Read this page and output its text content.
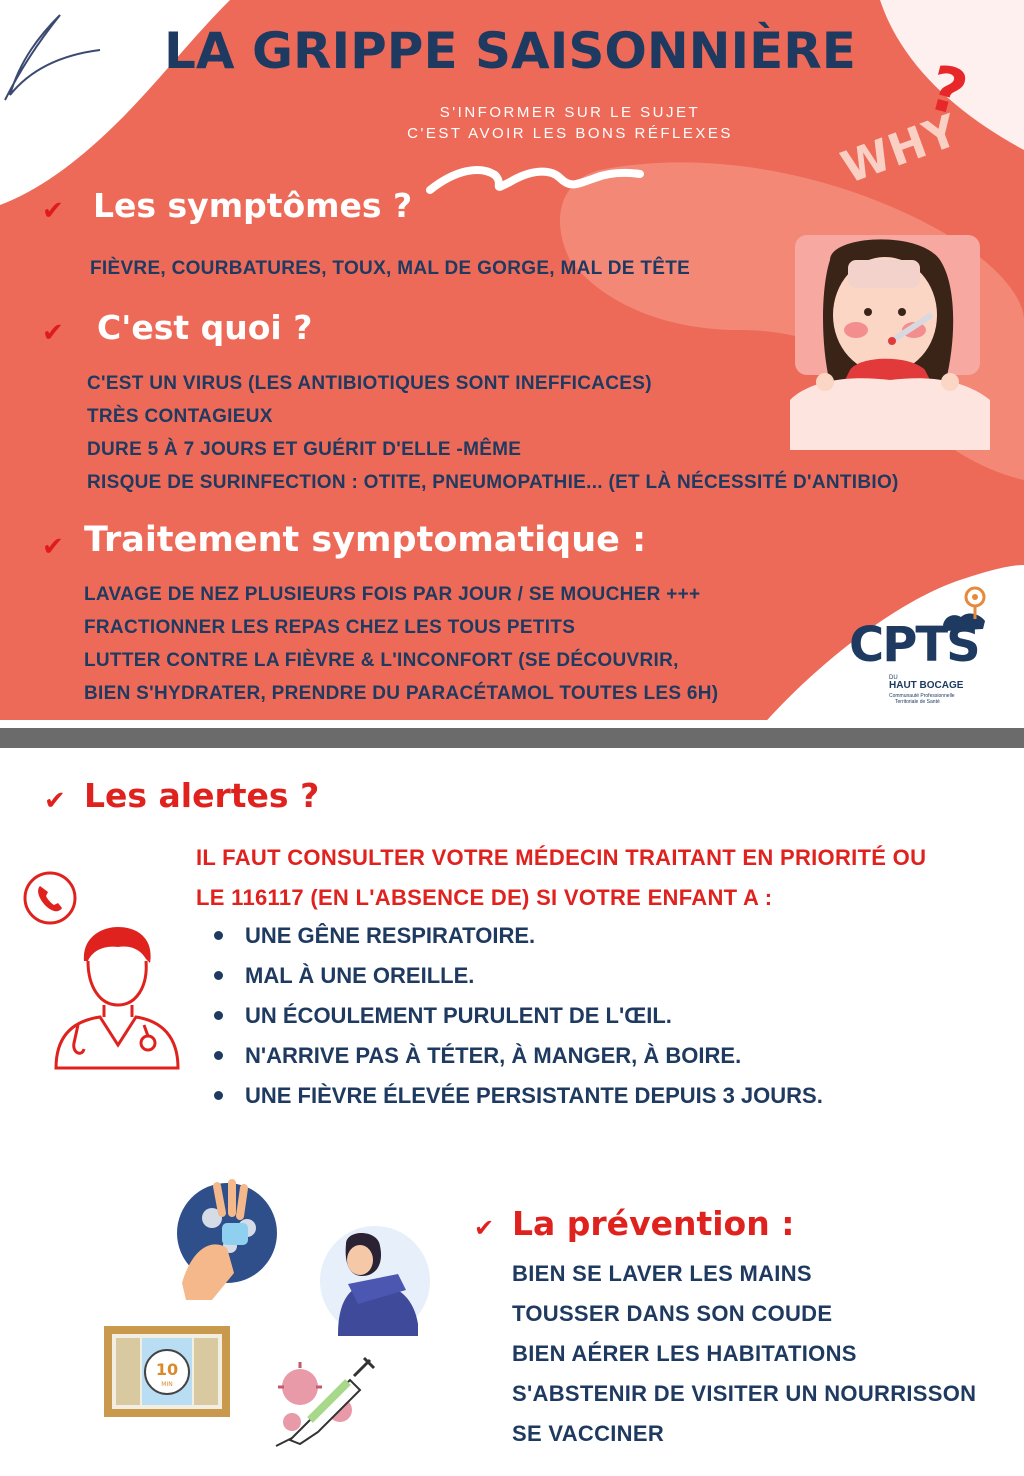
LA GRIPPE SAISONNIÈRE
S'INFORMER SUR LE SUJET
C'EST AVOIR LES BONS RÉFLEXES	WHY
?
✔ Les symptômes ?
FIÈVRE, COURBATURES, TOUX, MAL DE GORGE, MAL DE TÊTE
✔ C'est quoi ?
C'EST UN VIRUS (LES ANTIBIOTIQUES SONT INEFFICACES)
TRÈS CONTAGIEUX
DURE 5 À 7 JOURS ET GUÉRIT D'ELLE -MÊME
RISQUE DE SURINFECTION : OTITE, PNEUMOPATHIE... (ET LÀ NÉCESSITÉ D'ANTIBIO)
✔ Traitement symptomatique :
LAVAGE DE NEZ PLUSIEURS FOIS PAR JOUR / SE MOUCHER +++
FRACTIONNER LES REPAS CHEZ LES TOUS PETITS
LUTTER CONTRE LA FIÈVRE & L'INCONFORT (SE DÉCOUVRIR,
BIEN S'HYDRATER, PRENDRE DU PARACÉTAMOL TOUTES LES 6H)
CPTS
DU
HAUT BOCAGE
Communauté Professionnelle
Territoriale de Santé
✔ Les alertes ?
IL FAUT CONSULTER VOTRE MÉDECIN TRAITANT EN PRIORITÉ OU
LE 116117 (EN L'ABSENCE DE) SI VOTRE ENFANT A :
UNE GÊNE RESPIRATOIRE.
MAL À UNE OREILLE.
UN ÉCOULEMENT PURULENT DE L'ŒIL.
N'ARRIVE PAS À TÉTER, À MANGER, À BOIRE.
UNE FIÈVRE ÉLEVÉE PERSISTANTE DEPUIS 3 JOURS.
10
MIN
✔ La prévention :
BIEN SE LAVER LES MAINS
TOUSSER DANS SON COUDE
BIEN AÉRER LES HABITATIONS
S'ABSTENIR DE VISITER UN NOURRISSON
SE VACCINER
